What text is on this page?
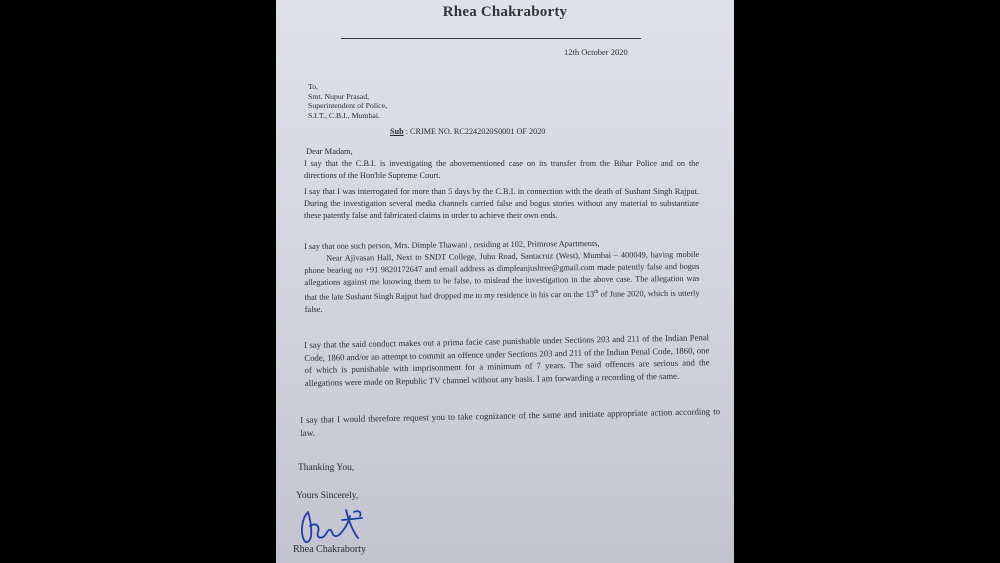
Rhea Chakraborty
12th October 2020
To,
Smt. Nupur Prasad,
Superintendent of Police,
S.I.T., C.B.I., Mumbai.
Sub : CRIME NO. RC2242020S0001 OF 2020
Dear Madam,
I say that the C.B.I. is investigating the abovementioned case on its transfer from the Bihar Police and on the directions of the Hon'ble Supreme Court.
I say that I was interrogated for more than 5 days by the C.B.I. in connection with the death of Sushant Singh Rajput. During the investigation several media channels carried false and bogus stories without any material to substantiate these patently false and fabricated claims in order to achieve their own ends.
I say that one such person, Mrs. Dimple Thawani , residing at 102, Primrose Apartments,
Near Ajivasan Hall, Next to SNDT College, Juhu Road, Santacruz (West), Mumbai – 400049, having mobile phone bearing no +91 9820172647 and email address as dimpleanjushree@gmail.com made patently false and bogus allegations against me knowing them to be false, to mislead the investigation in the above case. The allegation was that the late Sushant Singh Rajput had dropped me to my residence in his car on the 13th of June 2020, which is utterly false.
I say that the said conduct makes out a prima facie case punishable under Sections 203 and 211 of the Indian Penal Code, 1860 and/or an attempt to commit an offence under Sections 203 and 211 of the Indian Penal Code, 1860, one of which is punishable with imprisonment for a minimum of 7 years. The said offences are serious and the allegations were made on Republic TV channel without any basis. I am forwarding a recording of the same.
I say that I would therefore request you to take cognizance of the same and initiate appropriate action according to law.
Thanking You,
Yours Sincerely,
Rhea Chakraborty
